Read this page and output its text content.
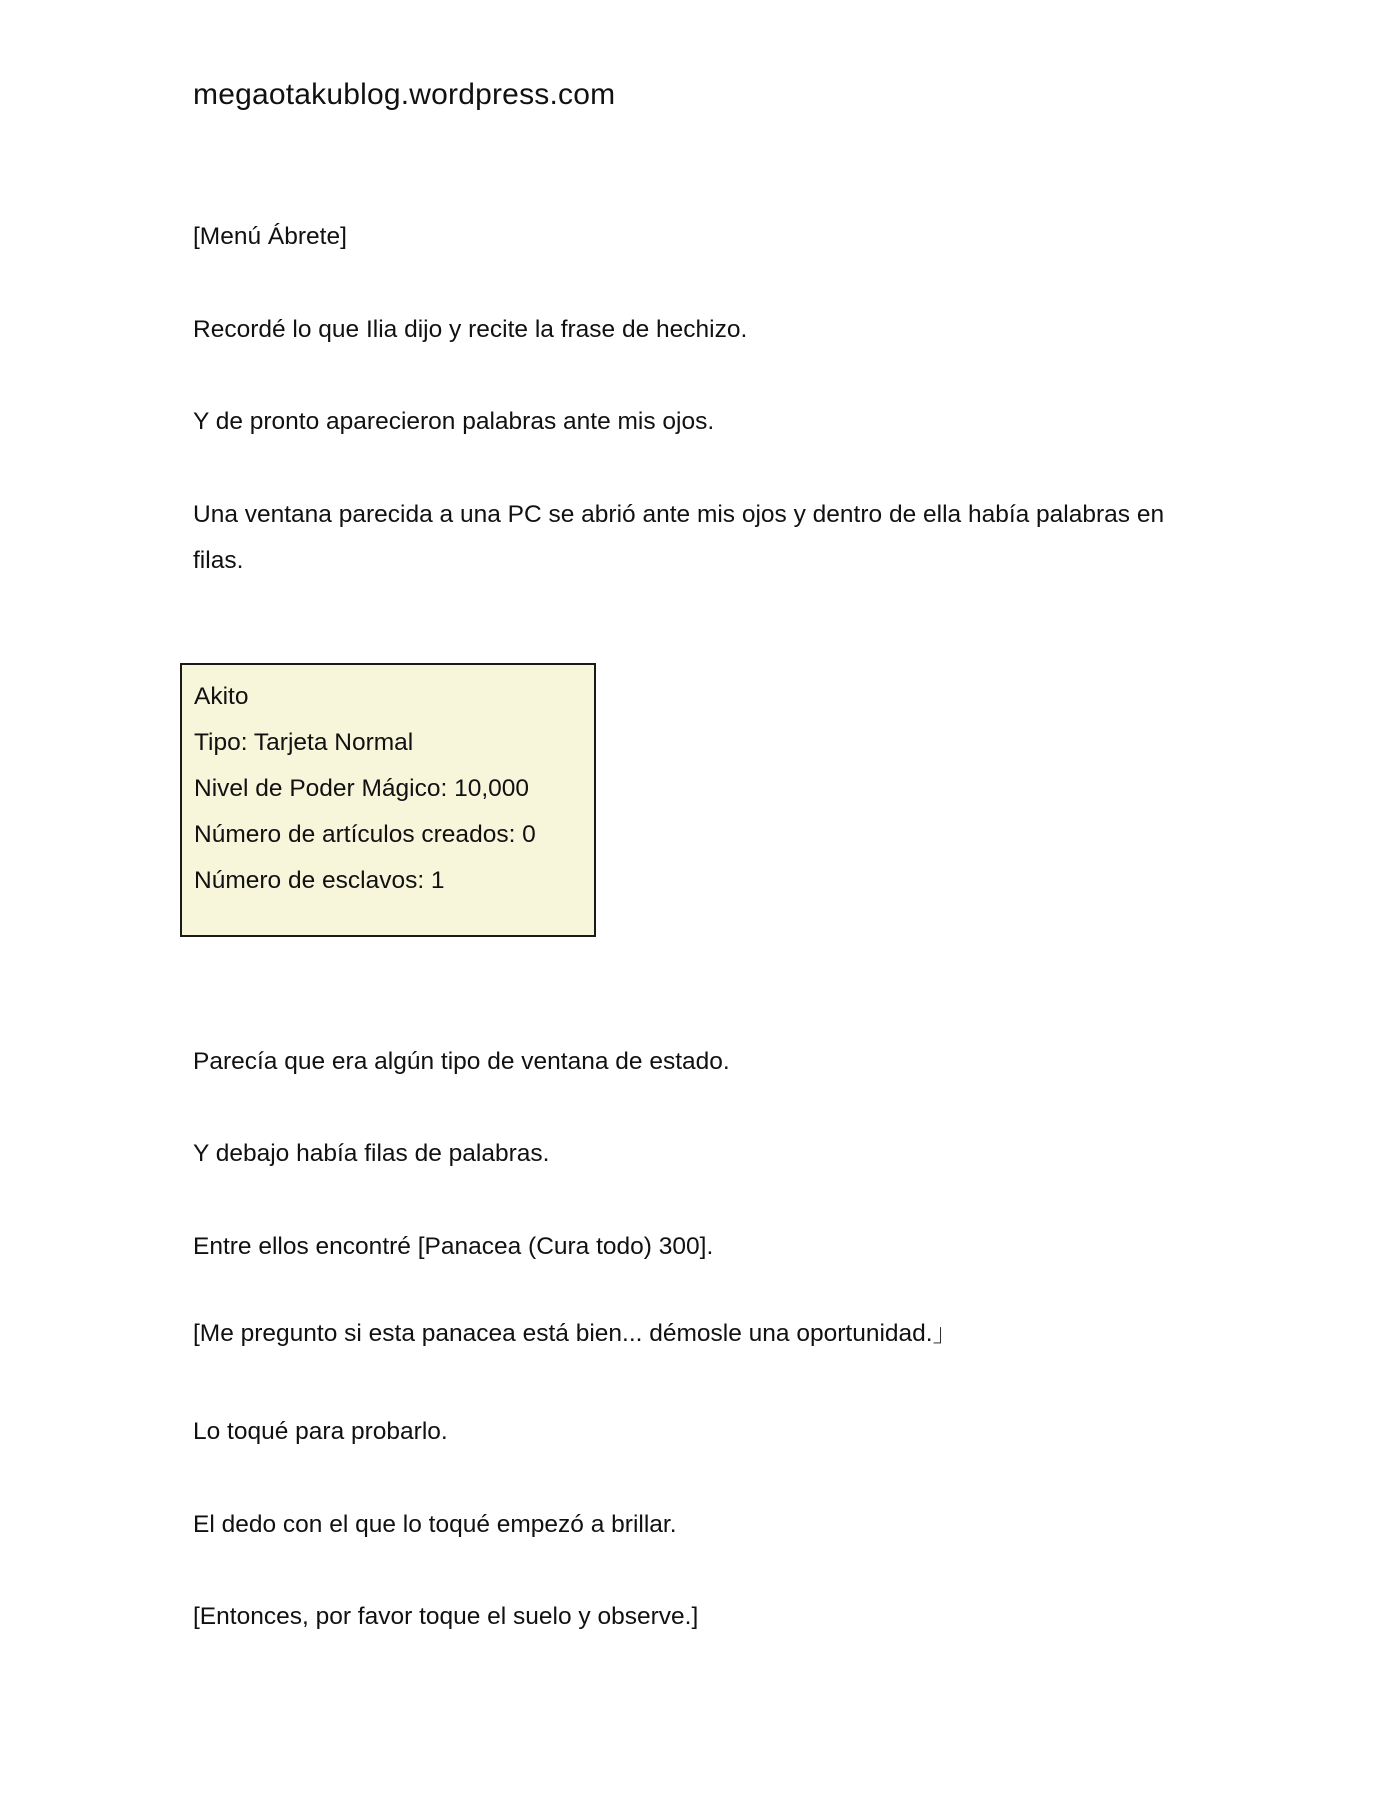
megaotakublog.wordpress.com

[Menú Ábrete]

Recordé lo que Ilia dijo y recite la frase de hechizo.

Y de pronto aparecieron palabras ante mis ojos.

Una ventana parecida a una PC se abrió ante mis ojos y dentro de ella había palabras en filas.

Akito
Tipo: Tarjeta Normal
Nivel de Poder Mágico: 10,000
Número de artículos creados: 0
Número de esclavos: 1

Parecía que era algún tipo de ventana de estado.

Y debajo había filas de palabras.

Entre ellos encontré [Panacea (Cura todo) 300].

[Me pregunto si esta panacea está bien... démosle una oportunidad.」

Lo toqué para probarlo.

El dedo con el que lo toqué empezó a brillar.

[Entonces, por favor toque el suelo y observe.]
